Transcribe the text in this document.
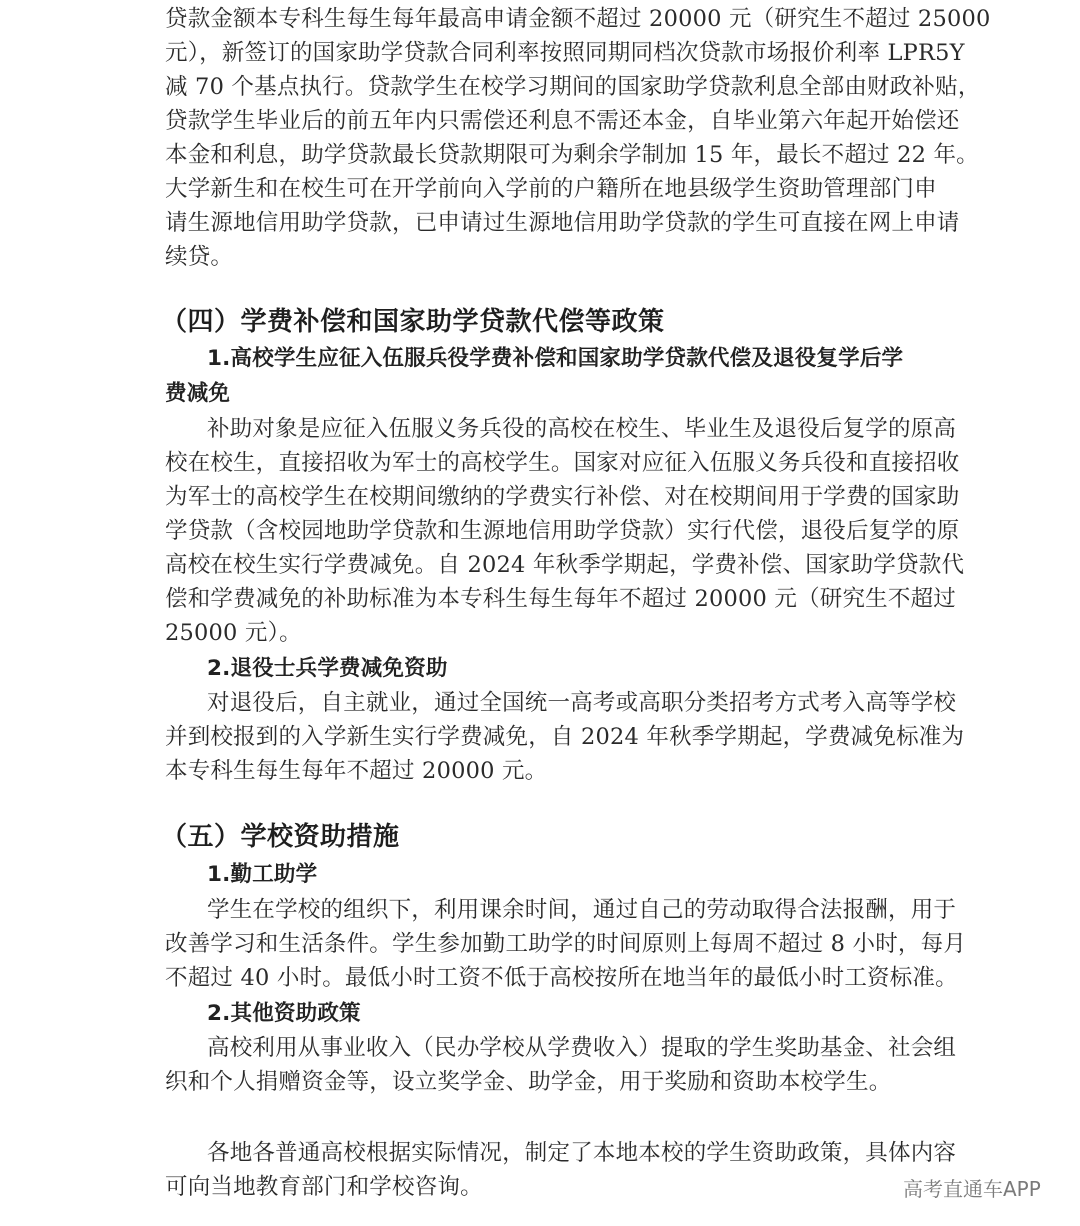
贷款金额本专科生每生每年最高申请金额不超过 20000 元（研究生不超过 25000
元），新签订的国家助学贷款合同利率按照同期同档次贷款市场报价利率 LPR5Y
减 70 个基点执行。贷款学生在校学习期间的国家助学贷款利息全部由财政补贴，
贷款学生毕业后的前五年内只需偿还利息不需还本金，自毕业第六年起开始偿还
本金和利息，助学贷款最长贷款期限可为剩余学制加 15 年，最长不超过 22 年。
大学新生和在校生可在开学前向入学前的户籍所在地县级学生资助管理部门申
请生源地信用助学贷款，已申请过生源地信用助学贷款的学生可直接在网上申请
续贷。
（四）学费补偿和国家助学贷款代偿等政策
1.高校学生应征入伍服兵役学费补偿和国家助学贷款代偿及退役复学后学
费减免
补助对象是应征入伍服义务兵役的高校在校生、毕业生及退役后复学的原高
校在校生，直接招收为军士的高校学生。国家对应征入伍服义务兵役和直接招收
为军士的高校学生在校期间缴纳的学费实行补偿、对在校期间用于学费的国家助
学贷款（含校园地助学贷款和生源地信用助学贷款）实行代偿，退役后复学的原
高校在校生实行学费减免。自 2024 年秋季学期起，学费补偿、国家助学贷款代
偿和学费减免的补助标准为本专科生每生每年不超过 20000 元（研究生不超过
25000 元）。
2.退役士兵学费减免资助
对退役后，自主就业，通过全国统一高考或高职分类招考方式考入高等学校
并到校报到的入学新生实行学费减免，自 2024 年秋季学期起，学费减免标准为
本专科生每生每年不超过 20000 元。
（五）学校资助措施
1.勤工助学
学生在学校的组织下，利用课余时间，通过自己的劳动取得合法报酬，用于
改善学习和生活条件。学生参加勤工助学的时间原则上每周不超过 8 小时，每月
不超过 40 小时。最低小时工资不低于高校按所在地当年的最低小时工资标准。
2.其他资助政策
高校利用从事业收入（民办学校从学费收入）提取的学生奖助基金、社会组
织和个人捐赠资金等，设立奖学金、助学金，用于奖励和资助本校学生。
各地各普通高校根据实际情况，制定了本地本校的学生资助政策，具体内容
可向当地教育部门和学校咨询。	高考直通车APP
